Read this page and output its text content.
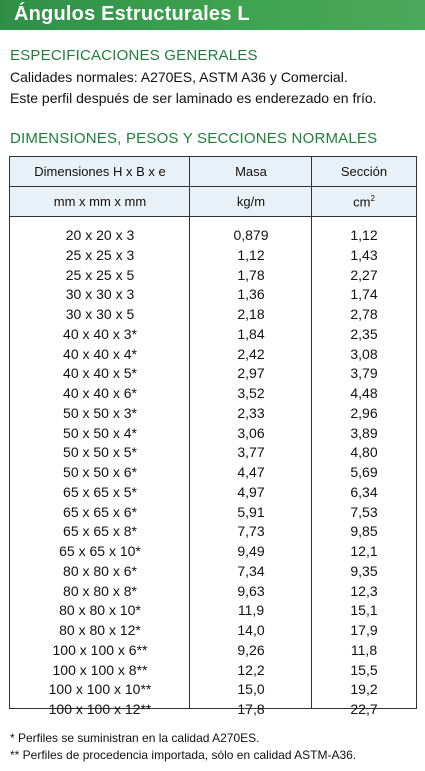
Ángulos Estructurales L
ESPECIFICACIONES GENERALES
Calidades normales: A270ES, ASTM A36 y Comercial.
Este perfil después de ser laminado es enderezado en frío.
DIMENSIONES, PESOS Y SECCIONES NORMALES
Dimensiones H x B x e	Masa	Sección
mm x mm x mm	kg/m	$cm^2$
20 x 20 x 3	0,879	1,12
25 x 25 x 3	1,12	1,43
25 x 25 x 5	1,78	2,27
30 x 30 x 3	1,36	1,74
30 x 30 x 5	2,18	2,78
40 x 40 x 3*	1,84	2,35
40 x 40 x 4*	2,42	3,08
40 x 40 x 5*	2,97	3,79
40 x 40 x 6*	3,52	4,48
50 x 50 x 3*	2,33	2,96
50 x 50 x 4*	3,06	3,89
50 x 50 x 5*	3,77	4,80
50 x 50 x 6*	4,47	5,69
65 x 65 x 5*	4,97	6,34
65 x 65 x 6*	5,91	7,53
65 x 65 x 8*	7,73	9,85
65 x 65 x 10*	9,49	12,1
80 x 80 x 6*	7,34	9,35
80 x 80 x 8*	9,63	12,3
80 x 80 x 10*	11,9	15,1
80 x 80 x 12*	14,0	17,9
100 x 100 x 6**	9,26	11,8
100 x 100 x 8**	12,2	15,5
100 x 100 x 10**	15,0	19,2
100 x 100 x 12**	17,8	22,7
* Perfiles se suministran en la calidad A270ES.
** Perfiles de procedencia importada, sólo en calidad ASTM-A36.
